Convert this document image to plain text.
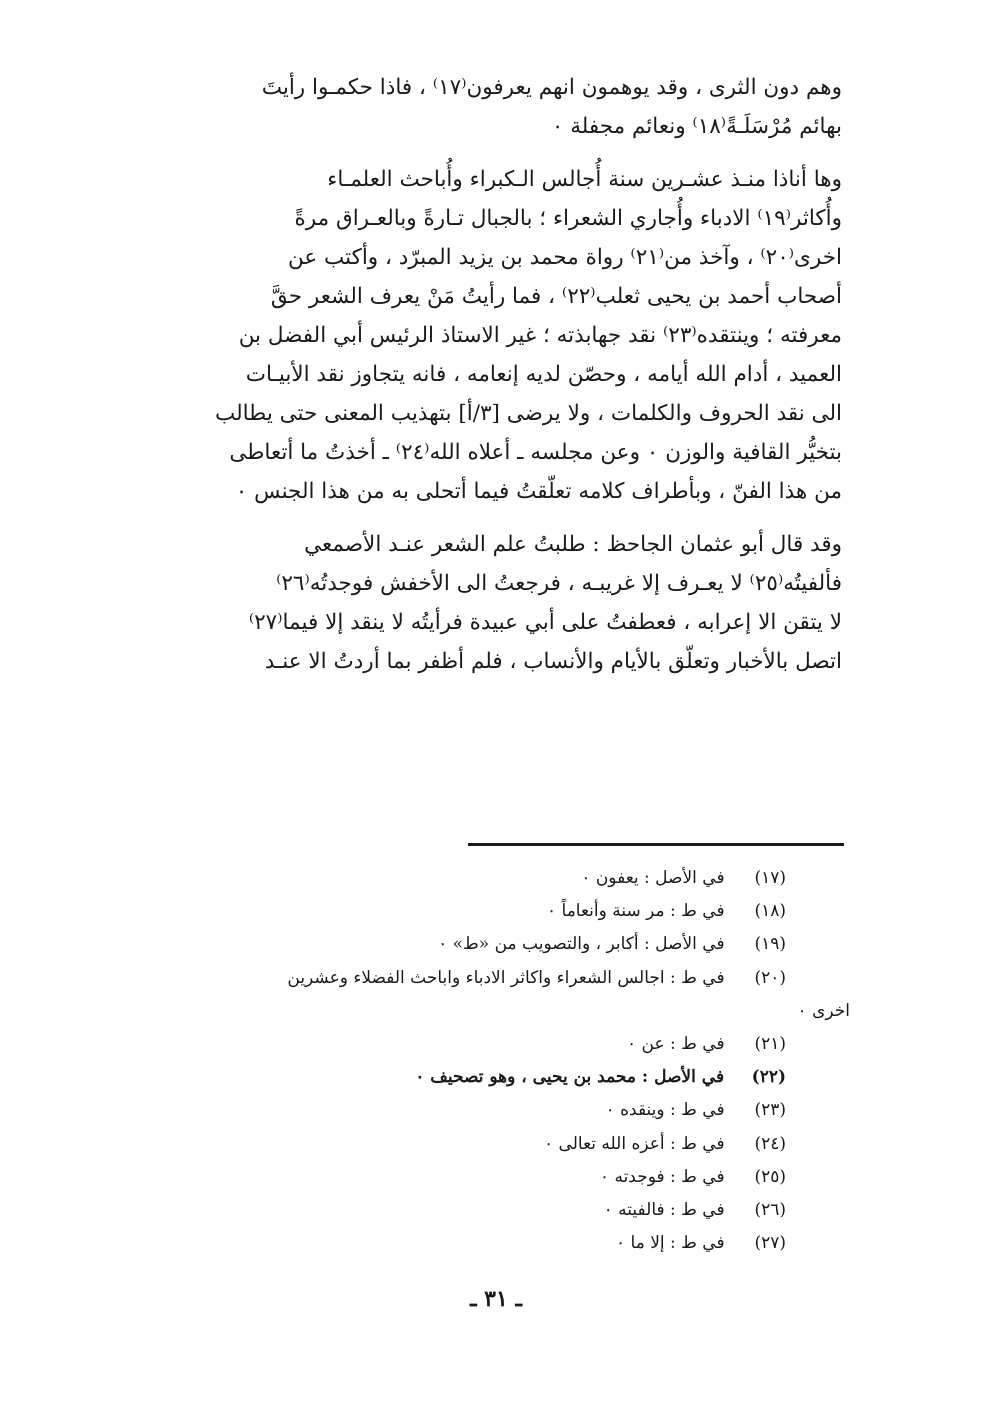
وهم دون الثرى ، وقد يوهمون انهم يعرفون⁽١٧⁾ ، فاذا حكمـوا رأيتَ
بهائم مُرْسَلَـةً⁽١٨⁾ ونعائم مجفلة ٠

وها أناذا منـذ عشـرين سنة أُجالس الـكبراء وأُباحث العلمـاء
وأُكاثر⁽١٩⁾ الادباء وأُجاري الشعراء ؛ بالجبال تـارةً وبالعـراق مرةً
اخرى⁽٢٠⁾ ، وآخذ من⁽٢١⁾ رواة محمد بن يزيد المبرّد ، وأكتب عن
أصحاب أحمد بن يحيى ثعلب⁽٢٢⁾ ، فما رأيتُ مَنْ يعرف الشعر حقَّ
معرفته ؛ وينتقده⁽٢٣⁾ نقد جهابذته ؛ غير الاستاذ الرئيس أبي الفضل بن
العميد ، أدام الله أيامه ، وحصّن لديه إنعامه ، فانه يتجاوز نقد الأبيـات
الى نقد الحروف والكلمات ، ولا يرضى [٣/أ] بتهذيب المعنى حتى يطالب
بتخيُّر القافية والوزن ٠ وعن مجلسه ـ أعلاه الله⁽٢٤⁾ ـ أخذتُ ما أتعاطى
من هذا الفنّ ، وبأطراف كلامه تعلّقتُ فيما أتحلى به من هذا الجنس ٠

وقد قال أبو عثمان الجاحظ : طلبتُ علم الشعر عنـد الأصمعي
فألفيتُه⁽٢٥⁾ لا يعـرف إلا غريبـه ، فرجعتُ الى الأخفش فوجدتُه⁽٢٦⁾
لا يتقن الا إعرابه ، فعطفتُ على أبي عبيدة فرأيتُه لا ينقد إلا فيما⁽٢٧⁾
اتصل بالأخبار وتعلّق بالأيام والأنساب ، فلم أظفر بما أردتُ الا عنـد

(١٧) في الأصل : يعفون ٠
(١٨) في ط : مر سنة وأنعاماً ٠
(١٩) في الأصل : أكابر ، والتصويب من «ط» ٠
(٢٠) في ط : اجالس الشعراء واكاثر الادباء واباحث الفضلاء وعشرين
اخرى ٠
(٢١) في ط : عن ٠
(٢٢) في الأصل : محمد بن يحيى ، وهو تصحيف ٠
(٢٣) في ط : وينقده ٠
(٢٤) في ط : أعزه الله تعالى ٠
(٢٥) في ط : فوجدته ٠
(٢٦) في ط : فالفيته ٠
(٢٧) في ط : إلا ما ٠
ـ ٣١ ـ
